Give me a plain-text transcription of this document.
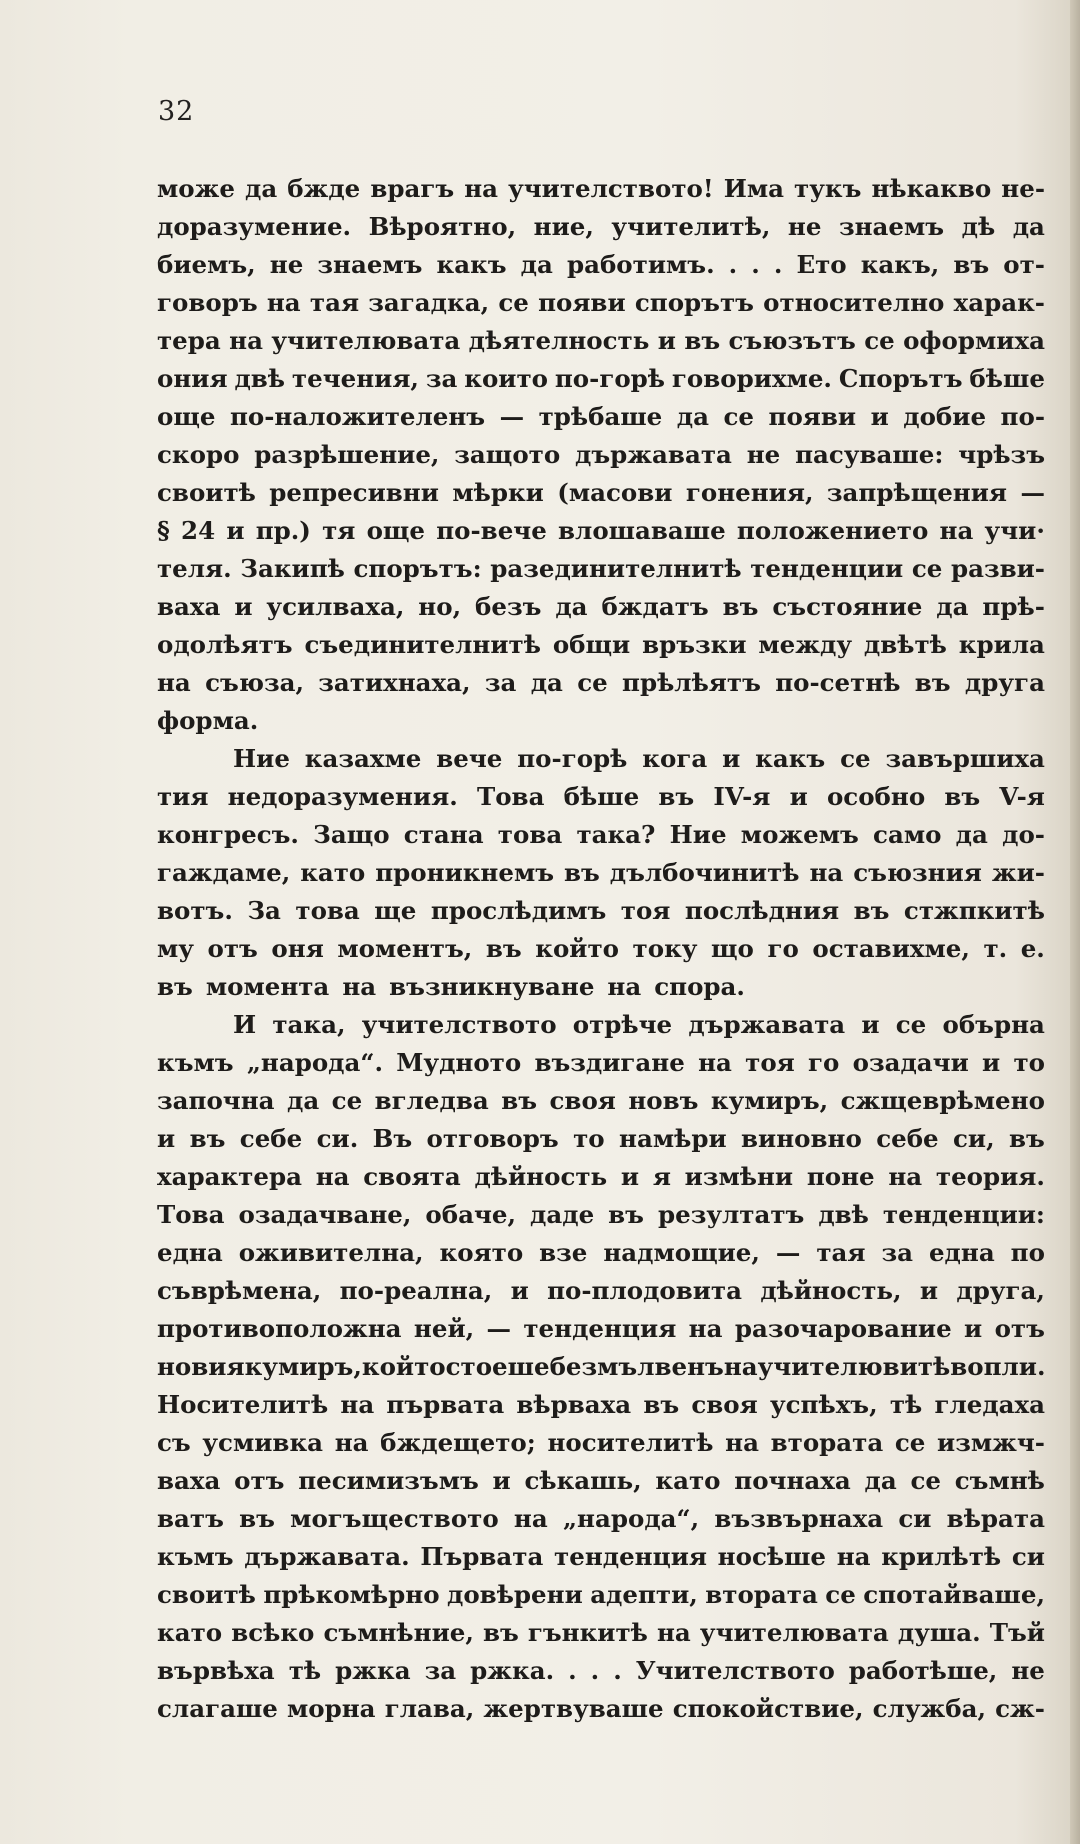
32
може да бжде врагъ на учителството! Има тукъ нѣкакво не-
доразумение. Вѣроятно, ние, учителитѣ, не знаемъ дѣ да
биемъ, не знаемъ какъ да работимъ. . . . Ето какъ, въ от-
говоръ на тая загадка, се появи спорътъ относително харак-
тера на учителювата дѣятелность и въ съюзътъ се оформиха
ония двѣ течения, за които по-горѣ говорихме. Спорътъ бѣше
още по-наложителенъ — трѣбаше да се появи и добие по-
скоро разрѣшение, защото държавата не пасуваше: чрѣзъ
своитѣ репресивни мѣрки (масови гонения, запрѣщения —
§ 24 и пр.) тя още по-вече влошаваше положението на учи·
теля. Закипѣ спорътъ: разединителнитѣ тенденции се разви-
ваха и усилваха, но, безъ да бждатъ въ състояние да прѣ-
одолѣятъ съединителнитѣ общи връзки между двѣтѣ крила
на съюза, затихнаха, за да се прѣлѣятъ по-сетнѣ въ друга
форма.
Ние казахме вече по-горѣ кога и какъ се завършиха
тия недоразумения. Това бѣше въ IV-я и особно въ V-я
конгресъ. Защо стана това така? Ние можемъ само да до-
гаждаме, като проникнемъ въ дълбочинитѣ на съюзния жи-
вотъ. За това ще прослѣдимъ тоя послѣдния въ стжпкитѣ
му отъ оня моментъ, въ който току що го оставихме, т. е.
въ момента на възникнуване на спора.
И така, учителството отрѣче държавата и се обърна
къмъ „народа“. Мудното въздигане на тоя го озадачи и то
започна да се вгледва въ своя новъ кумиръ, сжщеврѣмено
и въ себе си. Въ отговоръ то намѣри виновно себе си, въ
характера на своята дѣйность и я измѣни поне на теория.
Това озадачване, обаче, даде въ резултатъ двѣ тенденции:
една оживителна, която взе надмощие, — тая за една по
съврѣмена, по-реална, и по-плодовита дѣйность, и друга,
противоположна ней, — тенденция на разочарование и отъ
новия кумиръ, който стоеше безмълвенъ на учителювитѣ вопли.
Носителитѣ на първата вѣрваха въ своя успѣхъ, тѣ гледаха
съ усмивка на бждещето; носителитѣ на втората се измжч-
ваха отъ песимизъмъ и сѣкашь, като почнаха да се съмнѣ
ватъ въ могъществото на „народа“, възвърнаха си вѣрата
къмъ държавата. Първата тенденция носѣше на крилѣтѣ си
своитѣ прѣкомѣрно довѣрени адепти, втората се спотайваше,
като всѣко съмнѣние, въ гънкитѣ на учителювата душа. Тъй
вървѣха тѣ ржка за ржка. . . . Учителството работѣше, не
слагаше морна глава, жертвуваше спокойствие, служба, сж-
